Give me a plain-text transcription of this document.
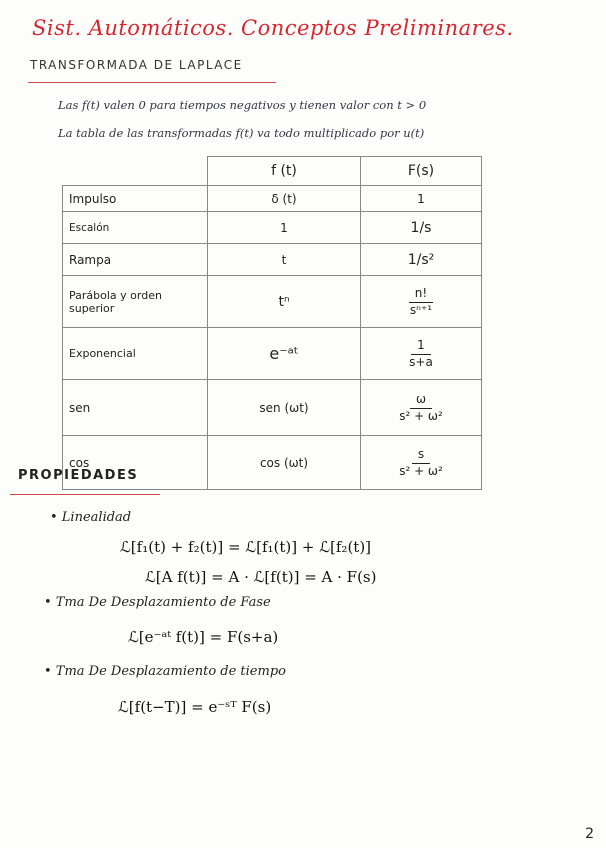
Sist. Automáticos. Conceptos Preliminares.
TRANSFORMADA DE LAPLACE
Las f(t) valen 0 para tiempos negativos y tienen valor con t > 0
La tabla de las transformadas f(t) va todo multiplicado por u(t)
	f (t)	F(s)
Impulso	δ (t)	1
Escalón	1	1/s
Rampa	t	1/s²
Parábola y orden superior	tⁿ	$\frac{n!}{\text{sⁿ⁺¹}}$

Exponencial	e⁻ᵃᵗ	$\frac{1}{s+a}$

sen	sen (ωt)	$\frac{\omega}{\text{s² + ω²}}$

cos	cos (ωt)	$\frac{s}{\text{s² + ω²}}$
PROPIEDADES
• Linealidad
ℒ[f₁(t) + f₂(t)] = ℒ[f₁(t)] + ℒ[f₂(t)]
ℒ[A f(t)] = A · ℒ[f(t)] = A · F(s)
• Tma De Desplazamiento de Fase
ℒ[e⁻ᵃᵗ f(t)] = F(s+a)
• Tma De Desplazamiento de tiempo
ℒ[f(t−T)] = e⁻ˢᵀ F(s)
2
